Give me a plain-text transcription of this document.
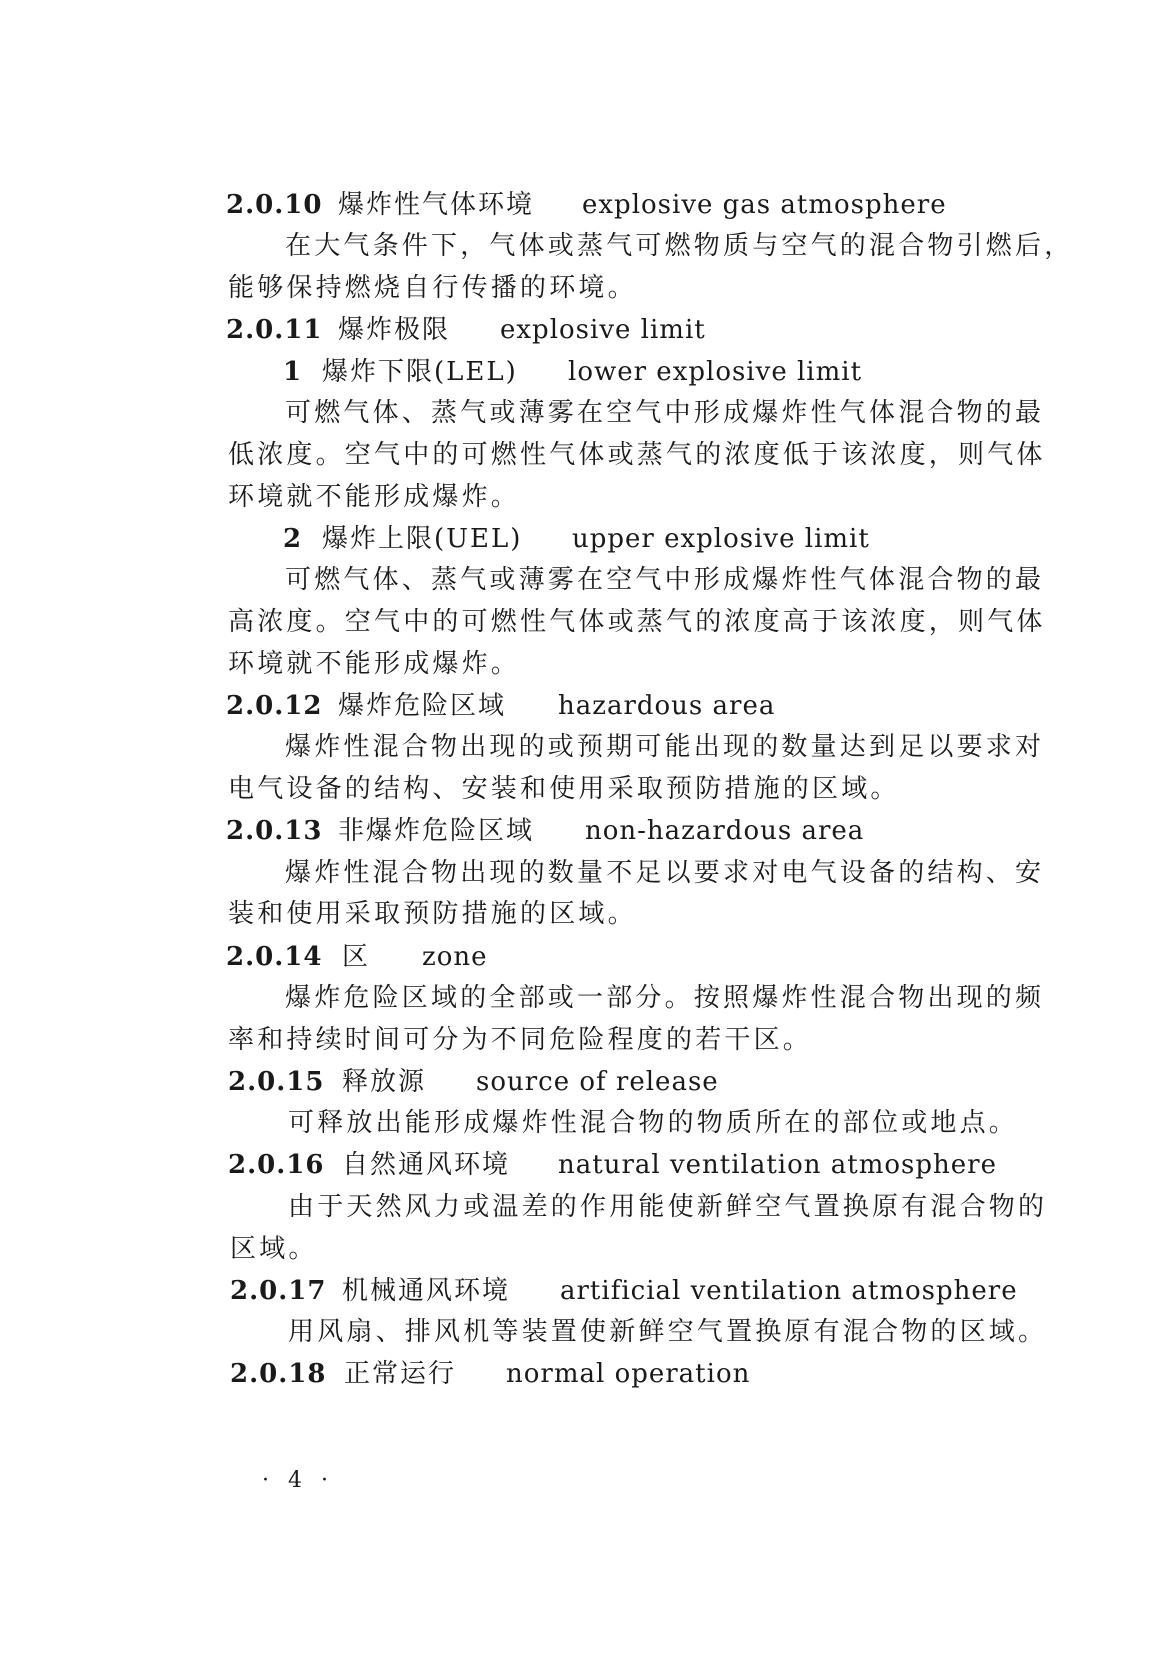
2.0.10 爆炸性气体环境 explosive gas atmosphere
在大气条件下，气体或蒸气可燃物质与空气的混合物引燃后，
能够保持燃烧自行传播的环境。
2.0.11 爆炸极限 explosive limit
1 爆炸下限(LEL) lower explosive limit
可燃气体、蒸气或薄雾在空气中形成爆炸性气体混合物的最
低浓度。空气中的可燃性气体或蒸气的浓度低于该浓度，则气体
环境就不能形成爆炸。
2 爆炸上限(UEL) upper explosive limit
可燃气体、蒸气或薄雾在空气中形成爆炸性气体混合物的最
高浓度。空气中的可燃性气体或蒸气的浓度高于该浓度，则气体
环境就不能形成爆炸。
2.0.12 爆炸危险区域 hazardous area
爆炸性混合物出现的或预期可能出现的数量达到足以要求对
电气设备的结构、安装和使用采取预防措施的区域。
2.0.13 非爆炸危险区域 non-hazardous area
爆炸性混合物出现的数量不足以要求对电气设备的结构、安
装和使用采取预防措施的区域。
2.0.14 区 zone
爆炸危险区域的全部或一部分。按照爆炸性混合物出现的频
率和持续时间可分为不同危险程度的若干区。
2.0.15 释放源 source of release
可释放出能形成爆炸性混合物的物质所在的部位或地点。
2.0.16 自然通风环境 natural ventilation atmosphere
由于天然风力或温差的作用能使新鲜空气置换原有混合物的
区域。
2.0.17 机械通风环境 artificial ventilation atmosphere
用风扇、排风机等装置使新鲜空气置换原有混合物的区域。
2.0.18 正常运行 normal operation
· 4 ·
